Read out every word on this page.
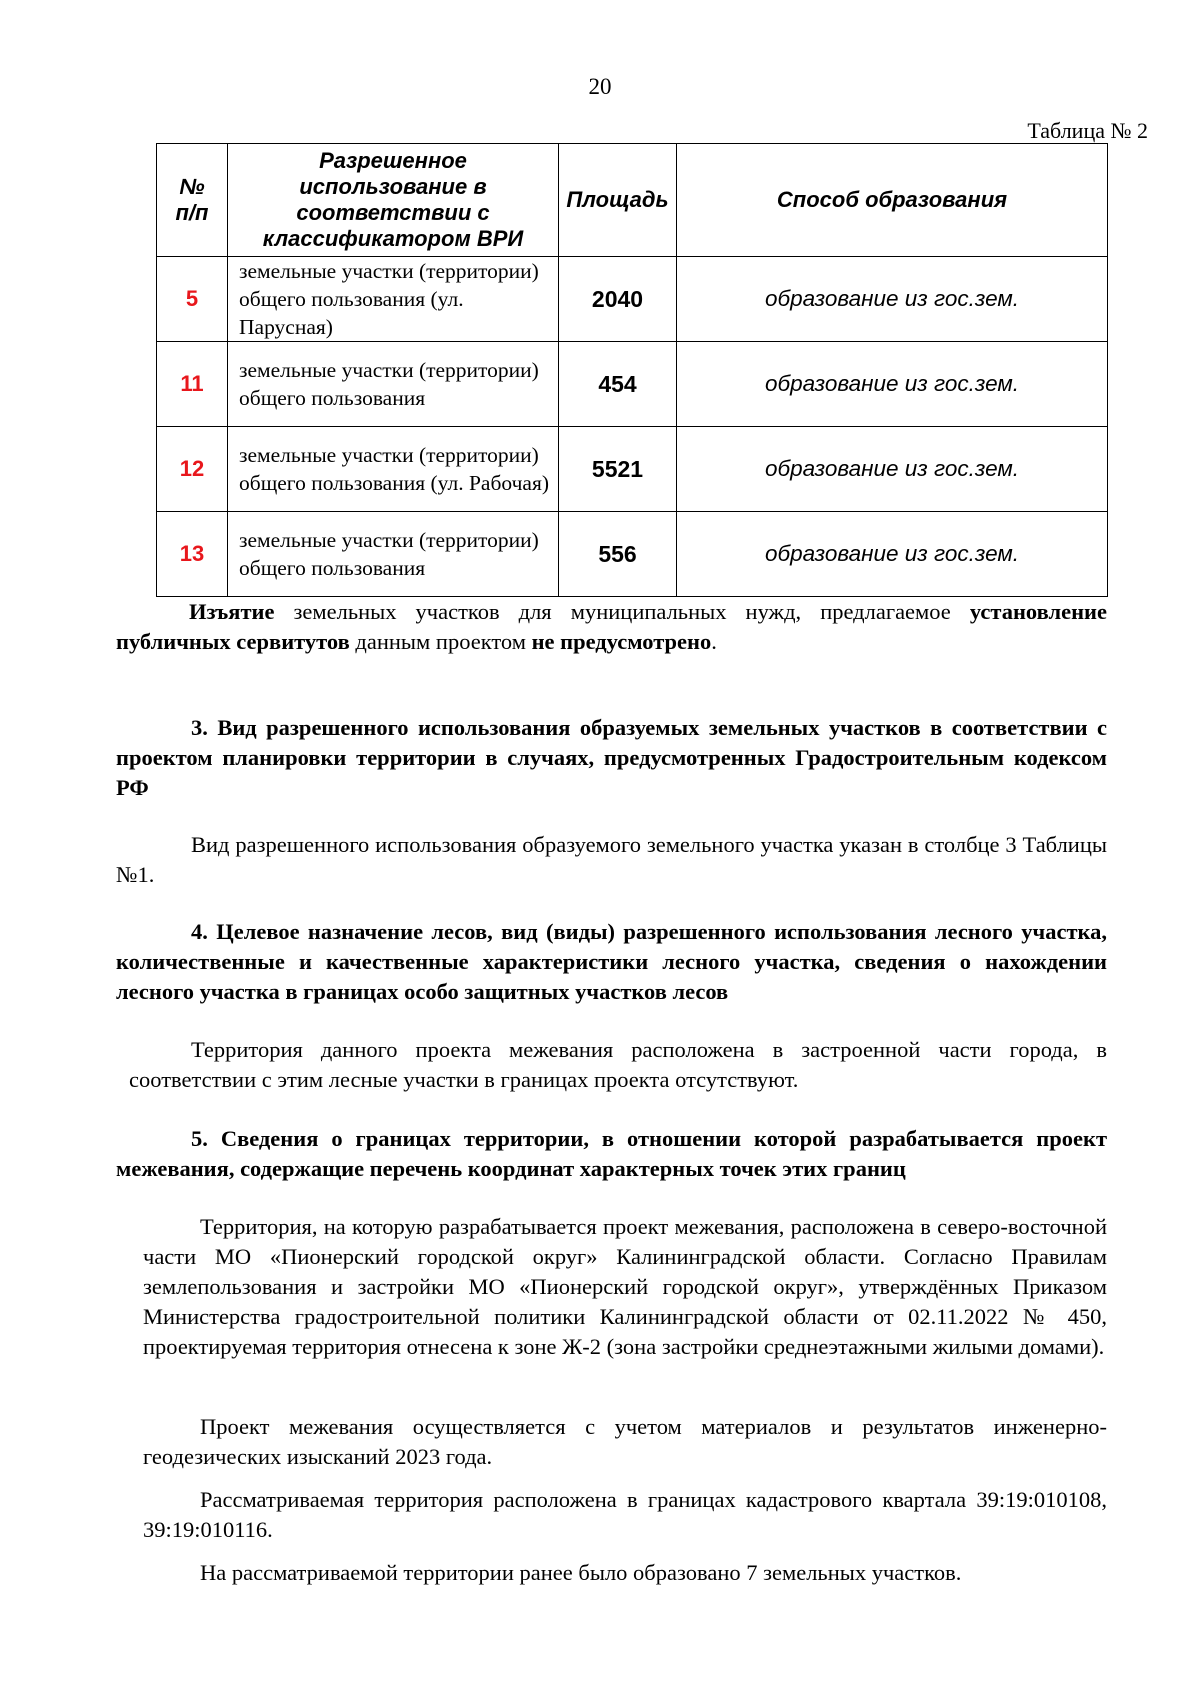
20
Таблица № 2
№ п/п	Разрешенное использование в соответствии с классификатором ВРИ	Площадь	Способ образования
5	земельные участки (территории) общего пользования (ул. Парусная)	2040	образование из гос.зем.
11	земельные участки (территории) общего пользования	454	образование из гос.зем.
12	земельные участки (территории) общего пользования (ул. Рабочая)	5521	образование из гос.зем.
13	земельные участки (территории) общего пользования	556	образование из гос.зем.

Изъятие земельных участков для муниципальных нужд, предлагаемое установление публичных сервитутов данным проектом не предусмотрено.

3. Вид разрешенного использования образуемых земельных участков в соответствии с проектом планировки территории в случаях, предусмотренных Градостроительным кодексом РФ

Вид разрешенного использования образуемого земельного участка указан в столбце 3 Таблицы №1.

4. Целевое назначение лесов, вид (виды) разрешенного использования лесного участка, количественные и качественные характеристики лесного участка, сведения о нахождении лесного участка в границах особо защитных участков лесов

Территория данного проекта межевания расположена в застроенной части города, в соответствии с этим лесные участки в границах проекта отсутствуют.

5. Сведения о границах территории, в отношении которой разрабатывается проект межевания, содержащие перечень координат характерных точек этих границ

Территория, на которую разрабатывается проект межевания, расположена в северо-восточной части МО «Пионерский городской округ» Калининградской области. Согласно Правилам землепользования и застройки МО «Пионерский городской округ», утверждённых Приказом Министерства градостроительной политики Калининградской области от 02.11.2022 № 450, проектируемая территория отнесена к зоне Ж-2 (зона застройки среднеэтажными жилыми домами).

Проект межевания осуществляется с учетом материалов и результатов инженерно-геодезических изысканий 2023 года.

Рассматриваемая территория расположена в границах кадастрового квартала 39:19:010108, 39:19:010116.

На рассматриваемой территории ранее было образовано 7 земельных участков.
